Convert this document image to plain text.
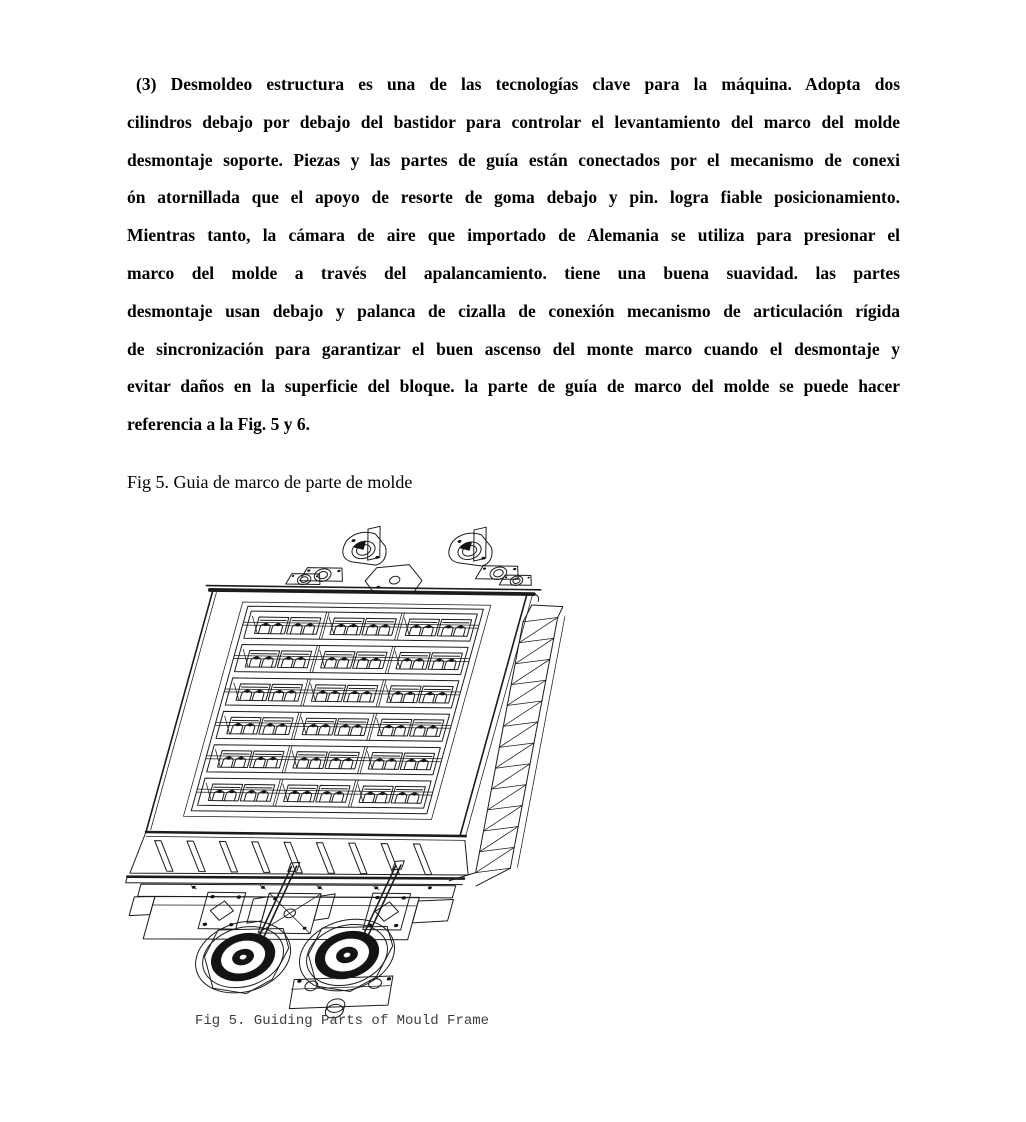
(3) Desmoldeo estructura es una de las tecnologías clave para la máquina. Adopta dos
cilindros debajo por debajo del bastidor para controlar el levantamiento del marco del molde
desmontaje soporte. Piezas y las partes de guía están conectados por el mecanismo de conexi
ón atornillada que el apoyo de resorte de goma debajo y pin. logra fiable posicionamiento.
Mientras tanto, la cámara de aire que importado de Alemania se utiliza para presionar el
marco del molde a través del apalancamiento. tiene una buena suavidad. las partes
desmontaje usan debajo y palanca de cizalla de conexión mecanismo de articulación rígida
de sincronización para garantizar el buen ascenso del monte marco cuando el desmontaje y
evitar daños en la superficie del bloque. la parte de guía de marco del molde se puede hacer
referencia a la Fig. 5 y 6.
Fig 5. Guia de marco de parte de molde
Fig 5. Guiding Parts of Mould Frame
